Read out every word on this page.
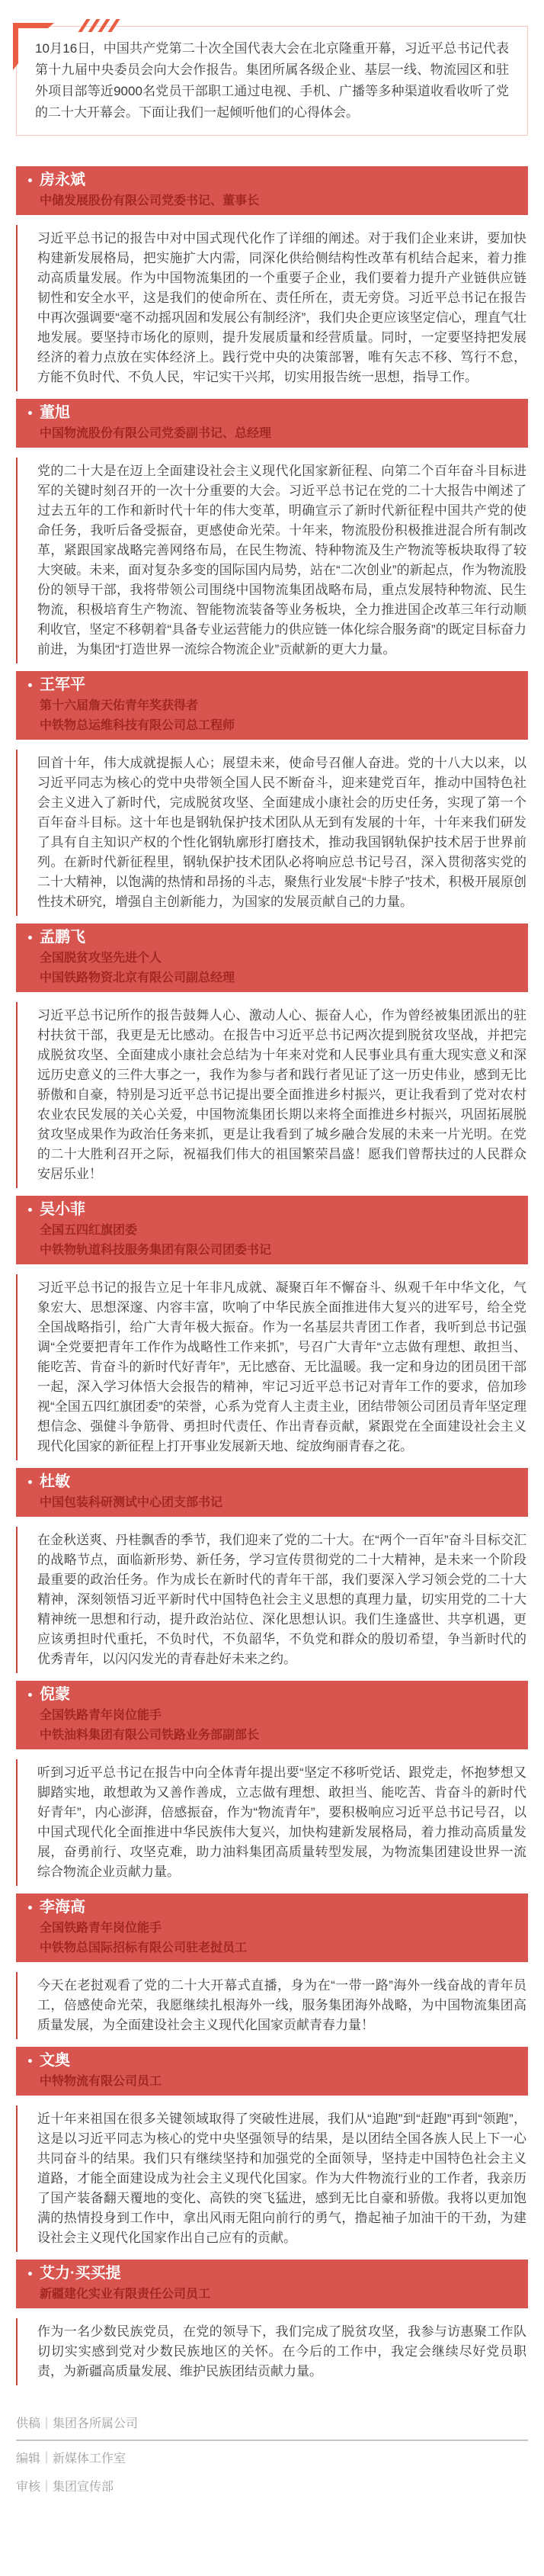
10月16日，中国共产党第二十次全国代表大会在北京隆重开幕，习近平总书记代表第十九届中央委员会向大会作报告。集团所属各级企业、基层一线、物流园区和驻外项目部等近9000名党员干部职工通过电视、手机、广播等多种渠道收看收听了党的二十大开幕会。下面让我们一起倾听他们的心得体会。
房永斌
中储发展股份有限公司党委书记、董事长
习近平总书记的报告中对中国式现代化作了详细的阐述。对于我们企业来讲，要加快构建新发展格局，把实施扩大内需，同深化供给侧结构性改革有机结合起来，着力推动高质量发展。作为中国物流集团的一个重要子企业，我们要着力提升产业链供应链韧性和安全水平，这是我们的使命所在、责任所在，责无旁贷。习近平总书记在报告中再次强调要“毫不动摇巩固和发展公有制经济”，我们央企更应该坚定信心，理直气壮地发展。要坚持市场化的原则，提升发展质量和经营质量。同时，一定要坚持把发展经济的着力点放在实体经济上。践行党中央的决策部署，唯有矢志不移、笃行不怠，方能不负时代、不负人民，牢记实干兴邦，切实用报告统一思想，指导工作。
董旭
中国物流股份有限公司党委副书记、总经理
党的二十大是在迈上全面建设社会主义现代化国家新征程、向第二个百年奋斗目标进军的关键时刻召开的一次十分重要的大会。习近平总书记在党的二十大报告中阐述了过去五年的工作和新时代十年的伟大变革，明确宣示了新时代新征程中国共产党的使命任务，我听后备受振奋，更感使命光荣。十年来，物流股份积极推进混合所有制改革，紧跟国家战略完善网络布局，在民生物流、特种物流及生产物流等板块取得了较大突破。未来，面对复杂多变的国际国内局势，站在“二次创业”的新起点，作为物流股份的领导干部，我将带领公司围绕中国物流集团战略布局，重点发展特种物流、民生物流，积极培育生产物流、智能物流装备等业务板块，全力推进国企改革三年行动顺利收官，坚定不移朝着“具备专业运营能力的供应链一体化综合服务商”的既定目标奋力前进，为集团“打造世界一流综合物流企业”贡献新的更大力量。
王军平
第十六届詹天佑青年奖获得者
中铁物总运维科技有限公司总工程师
回首十年，伟大成就提振人心；展望未来，使命号召催人奋进。党的十八大以来，以习近平同志为核心的党中央带领全国人民不断奋斗，迎来建党百年，推动中国特色社会主义进入了新时代，完成脱贫攻坚、全面建成小康社会的历史任务，实现了第一个百年奋斗目标。这十年也是钢轨保护技术团队从无到有发展的十年，十年来我们研发了具有自主知识产权的个性化钢轨廓形打磨技术，推动我国钢轨保护技术居于世界前列。在新时代新征程里，钢轨保护技术团队必将响应总书记号召，深入贯彻落实党的二十大精神，以饱满的热情和昂扬的斗志，聚焦行业发展“卡脖子”技术，积极开展原创性技术研究，增强自主创新能力，为国家的发展贡献自己的力量。
孟鹏飞
全国脱贫攻坚先进个人
中国铁路物资北京有限公司副总经理
习近平总书记所作的报告鼓舞人心、激动人心、振奋人心，作为曾经被集团派出的驻村扶贫干部，我更是无比感动。在报告中习近平总书记两次提到脱贫攻坚战，并把完成脱贫攻坚、全面建成小康社会总结为十年来对党和人民事业具有重大现实意义和深远历史意义的三件大事之一，我作为参与者和践行者见证了这一历史伟业，感到无比骄傲和自豪，特别是习近平总书记提出要全面推进乡村振兴，更让我看到了党对农村农业农民发展的关心关爱，中国物流集团长期以来将全面推进乡村振兴，巩固拓展脱贫攻坚成果作为政治任务来抓，更是让我看到了城乡融合发展的未来一片光明。在党的二十大胜利召开之际，祝福我们伟大的祖国繁荣昌盛！愿我们曾帮扶过的人民群众安居乐业！
吴小菲
全国五四红旗团委
中铁物轨道科技服务集团有限公司团委书记
习近平总书记的报告立足十年非凡成就、凝聚百年不懈奋斗、纵观千年中华文化，气象宏大、思想深邃、内容丰富，吹响了中华民族全面推进伟大复兴的进军号，给全党全国战略指引，给广大青年极大振奋。作为一名基层共青团工作者，我听到总书记强调“全党要把青年工作作为战略性工作来抓”，号召广大青年“立志做有理想、敢担当、能吃苦、肯奋斗的新时代好青年”，无比感奋、无比温暖。我一定和身边的团员团干部一起，深入学习体悟大会报告的精神，牢记习近平总书记对青年工作的要求，倍加珍视“全国五四红旗团委”的荣誉，心系为党育人主责主业，团结带领公司团员青年坚定理想信念、强健斗争筋骨、勇担时代责任、作出青春贡献，紧跟党在全面建设社会主义现代化国家的新征程上打开事业发展新天地、绽放绚丽青春之花。
杜敏
中国包装科研测试中心团支部书记
在金秋送爽、丹桂飘香的季节，我们迎来了党的二十大。在“两个一百年”奋斗目标交汇的战略节点，面临新形势、新任务，学习宣传贯彻党的二十大精神，是未来一个阶段最重要的政治任务。作为成长在新时代的青年干部，我们要深入学习领会党的二十大精神，深刻领悟习近平新时代中国特色社会主义思想的真理力量，切实用党的二十大精神统一思想和行动，提升政治站位、深化思想认识。我们生逢盛世、共享机遇，更应该勇担时代重托，不负时代，不负韶华，不负党和群众的殷切希望，争当新时代的优秀青年，以闪闪发光的青春赴好未来之约。
倪蒙
全国铁路青年岗位能手
中铁油料集团有限公司铁路业务部副部长
听到习近平总书记在报告中向全体青年提出要“坚定不移听党话、跟党走，怀抱梦想又脚踏实地，敢想敢为又善作善成，立志做有理想、敢担当、能吃苦、肯奋斗的新时代好青年”，内心澎湃，倍感振奋，作为“物流青年”，要积极响应习近平总书记号召，以中国式现代化全面推进中华民族伟大复兴，加快构建新发展格局，着力推动高质量发展，奋勇前行、攻坚克难，助力油料集团高质量转型发展，为物流集团建设世界一流综合物流企业贡献力量。
李海高
全国铁路青年岗位能手
中铁物总国际招标有限公司驻老挝员工
今天在老挝观看了党的二十大开幕式直播，身为在“一带一路”海外一线奋战的青年员工，倍感使命光荣，我愿继续扎根海外一线，服务集团海外战略，为中国物流集团高质量发展，为全面建设社会主义现代化国家贡献青春力量！
文奥
中特物流有限公司员工
近十年来祖国在很多关键领域取得了突破性进展，我们从“追跑”到“赶跑”再到“领跑”，这是以习近平同志为核心的党中央坚强领导的结果，是以团结全国各族人民上下一心共同奋斗的结果。我们只有继续坚持和加强党的全面领导，坚持走中国特色社会主义道路，才能全面建设成为社会主义现代化国家。作为大件物流行业的工作者，我亲历了国产装备翻天覆地的变化、高铁的突飞猛进，感到无比自豪和骄傲。我将以更加饱满的热情投身到工作中，拿出风雨无阻向前行的勇气，撸起袖子加油干的干劲，为建设社会主义现代化国家作出自己应有的贡献。
艾力·买买提
新疆建化实业有限责任公司员工
作为一名少数民族党员，在党的领导下，我们完成了脱贫攻坚，我参与访惠聚工作队切切实实感到党对少数民族地区的关怀。在今后的工作中，我定会继续尽好党员职责，为新疆高质量发展、维护民族团结贡献力量。
供稿｜集团各所属公司
编辑｜新媒体工作室
审核｜集团宣传部
